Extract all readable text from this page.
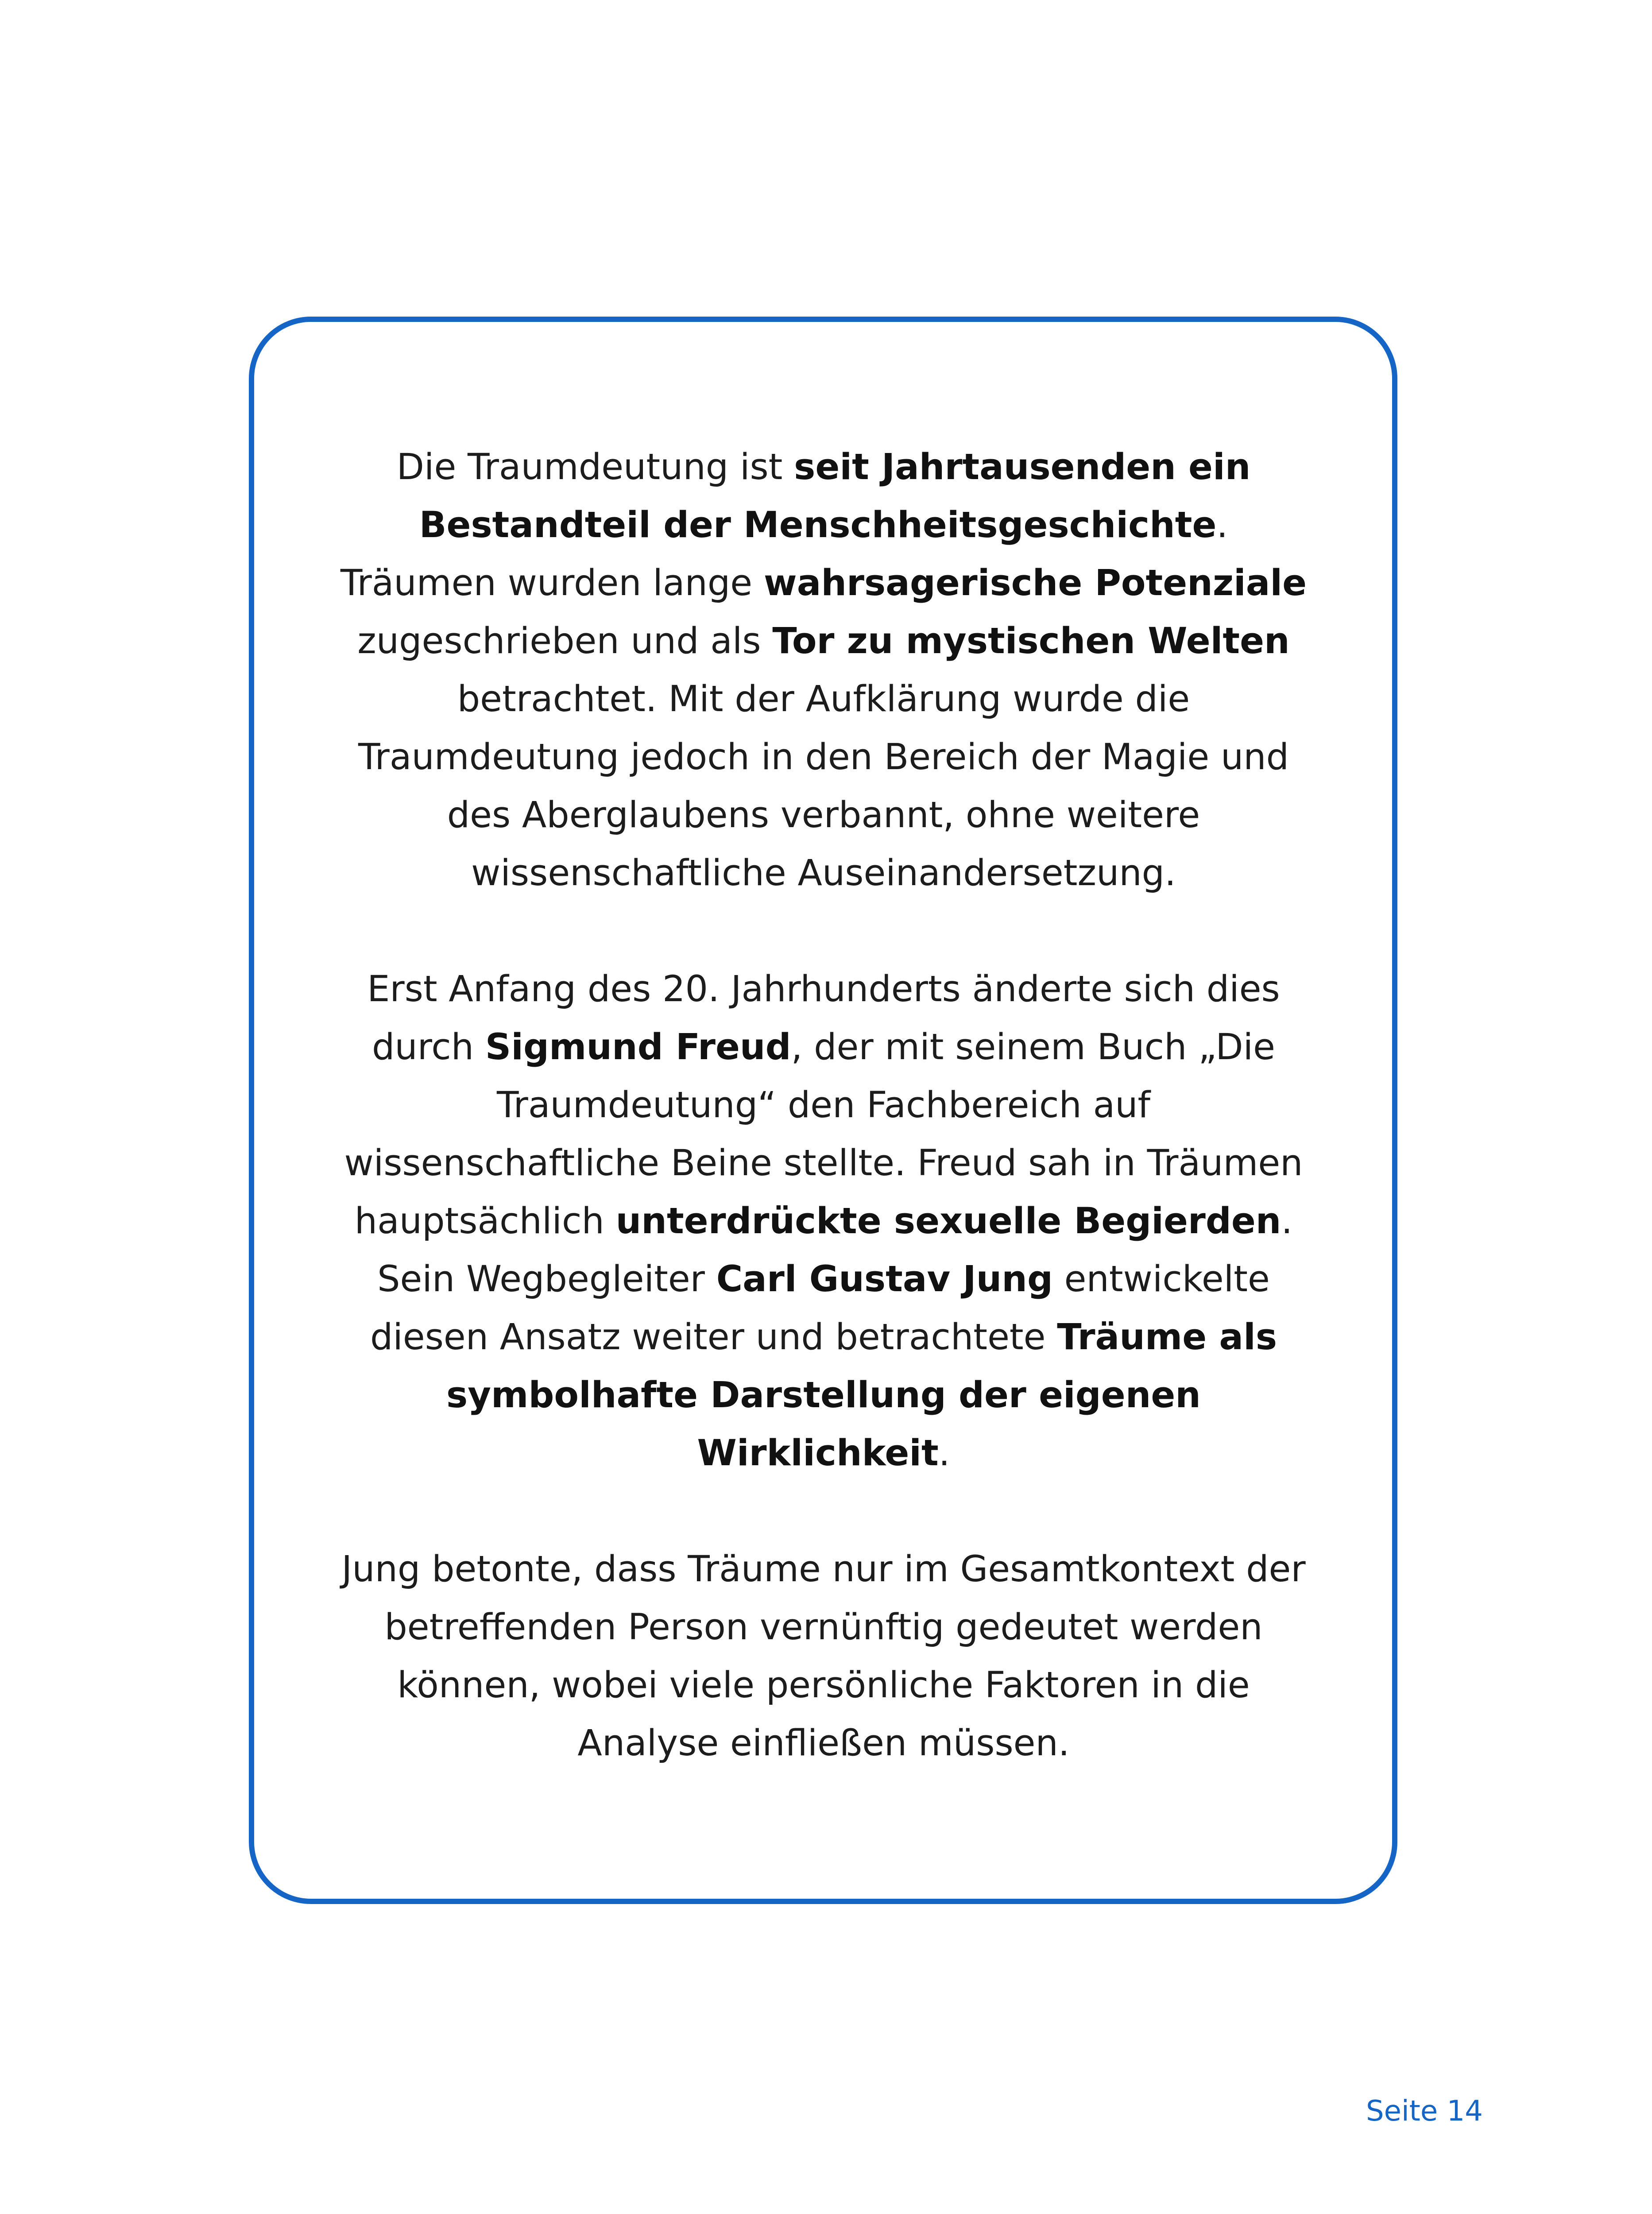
Die Traumdeutung ist seit Jahrtausenden ein Bestandteil der Menschheitsgeschichte. Träumen wurden lange wahrsagerische Potenziale zugeschrieben und als Tor zu mystischen Welten betrachtet. Mit der Aufklärung wurde die Traumdeutung jedoch in den Bereich der Magie und des Aberglaubens verbannt, ohne weitere wissenschaftliche Auseinandersetzung.

Erst Anfang des 20. Jahrhunderts änderte sich dies durch Sigmund Freud, der mit seinem Buch „Die Traumdeutung“ den Fachbereich auf wissenschaftliche Beine stellte. Freud sah in Träumen hauptsächlich unterdrückte sexuelle Begierden. Sein Wegbegleiter Carl Gustav Jung entwickelte diesen Ansatz weiter und betrachtete Träume als symbolhafte Darstellung der eigenen Wirklichkeit.

Jung betonte, dass Träume nur im Gesamtkontext der betreffenden Person vernünftig gedeutet werden können, wobei viele persönliche Faktoren in die Analyse einfließen müssen.

Seite 14
